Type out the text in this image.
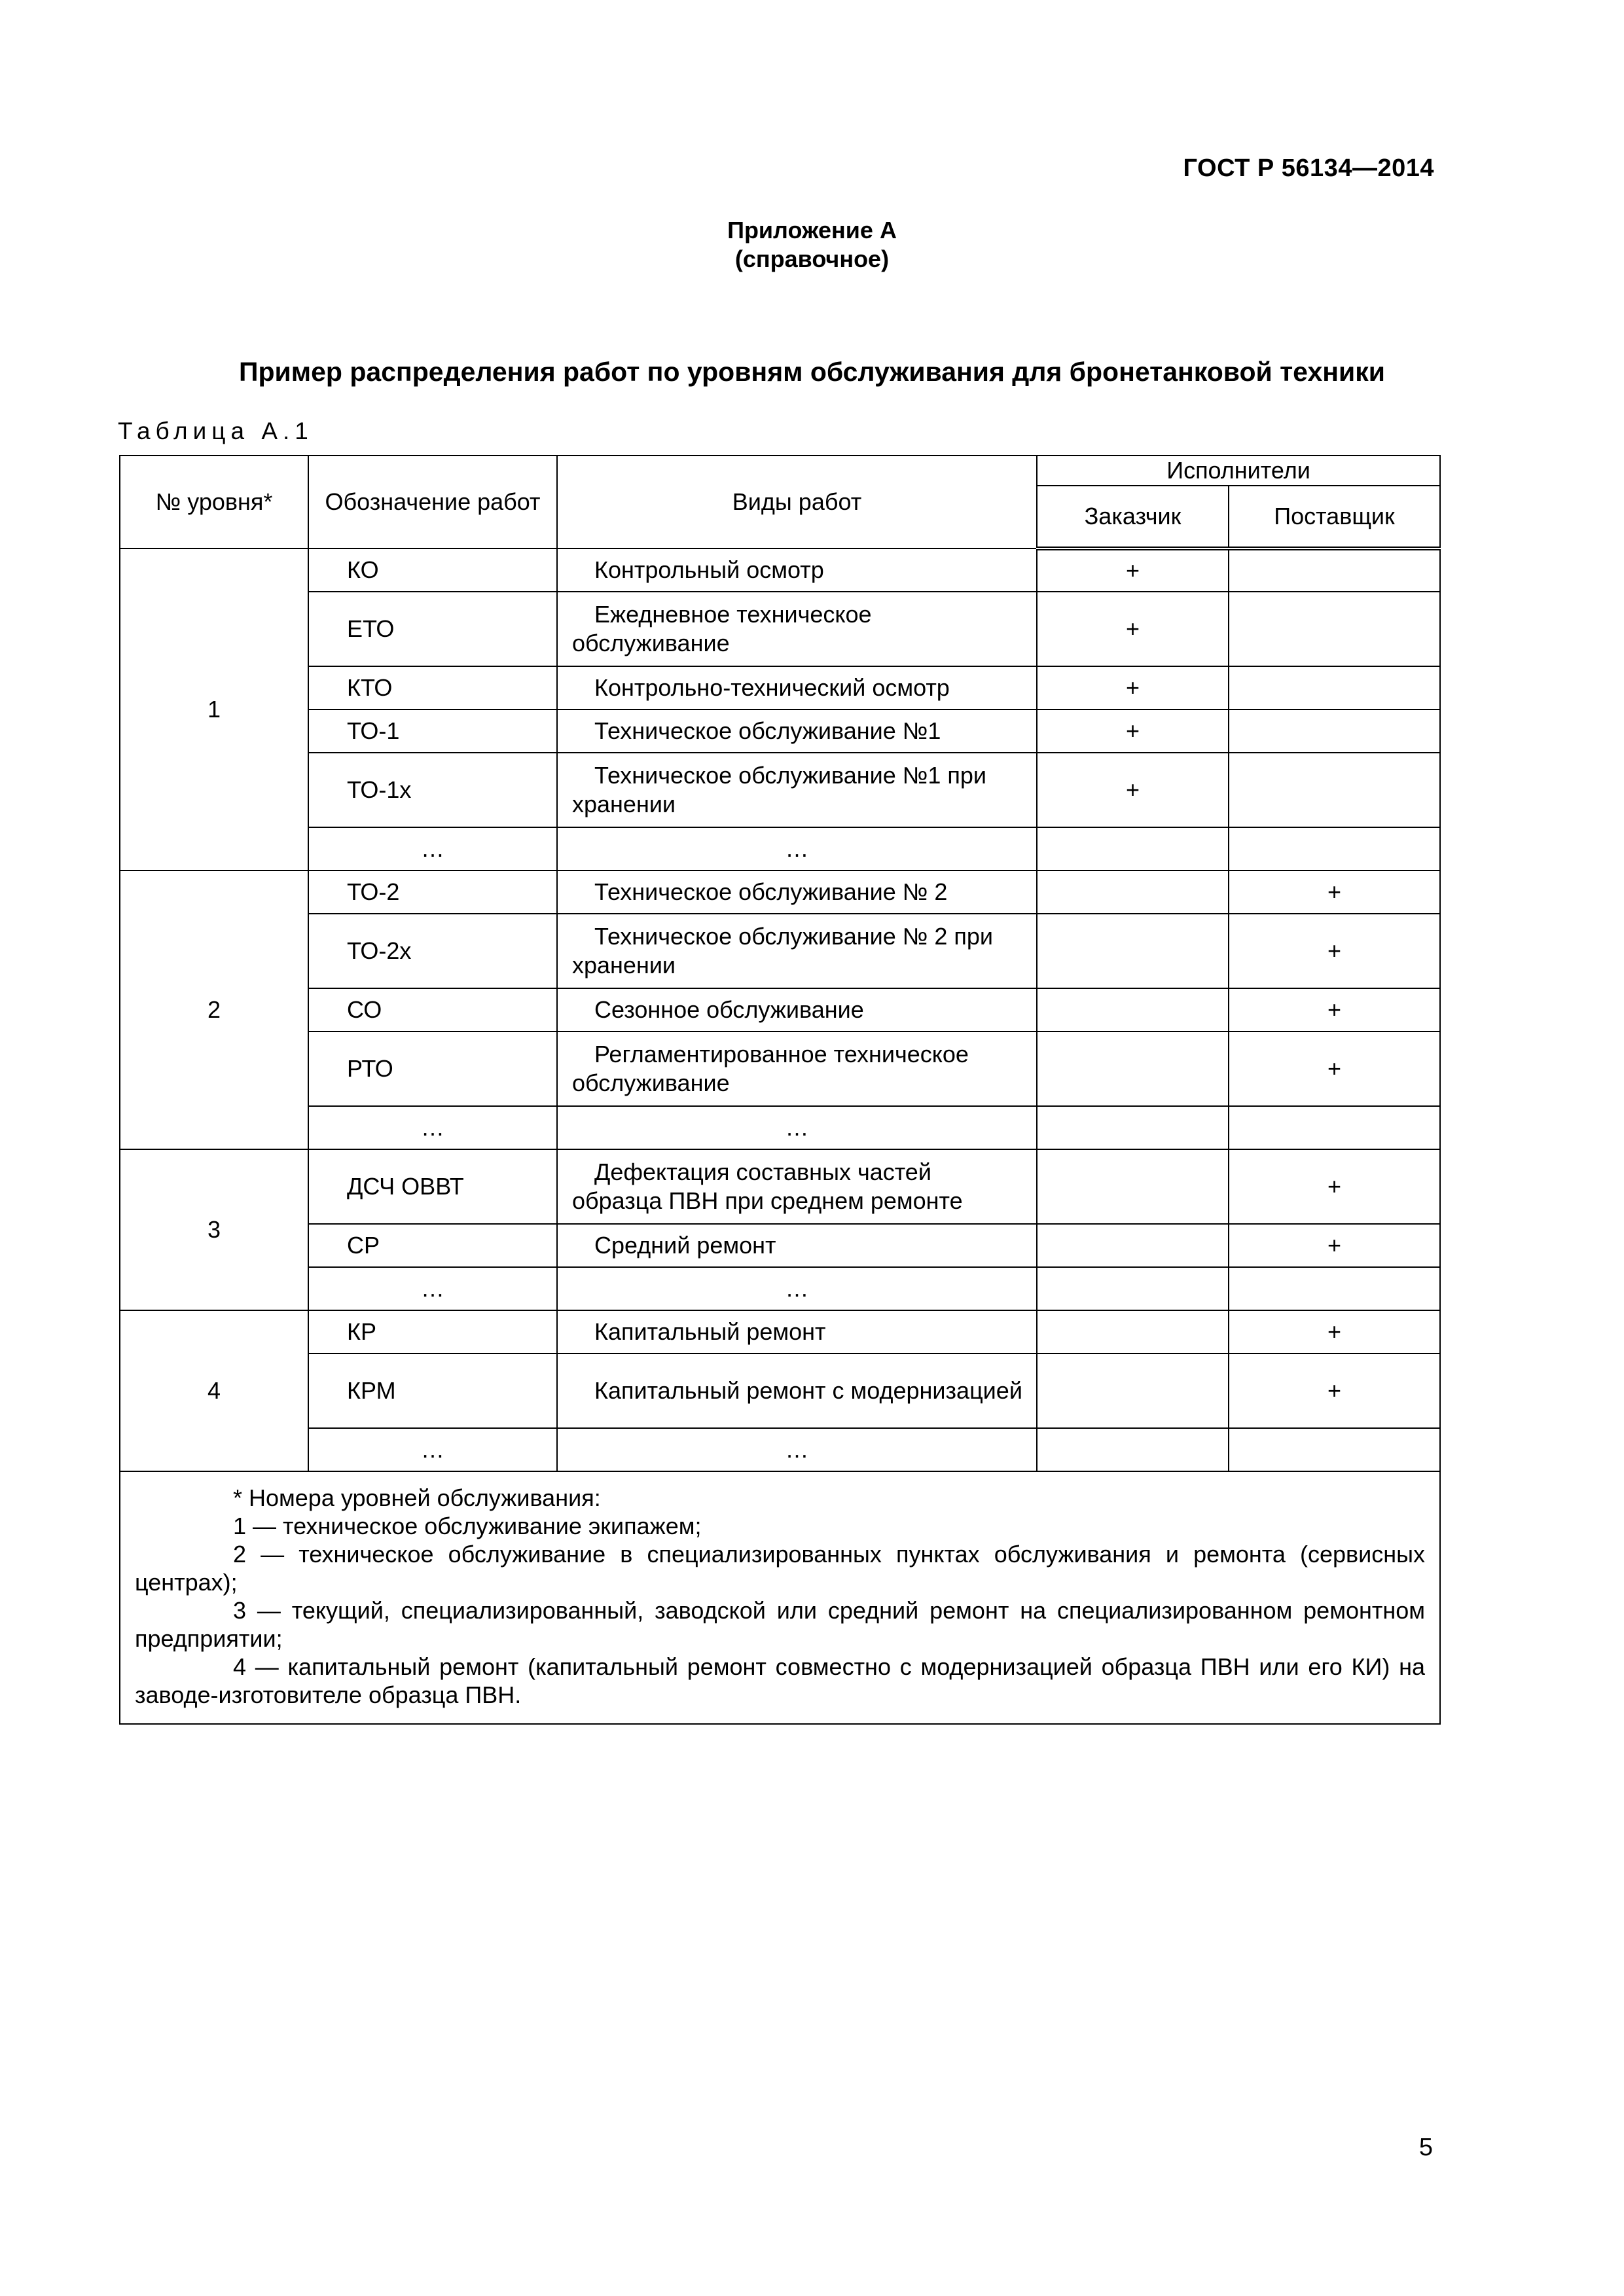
ГОСТ Р 56134—2014
Приложение А
(справочное)
Пример распределения работ по уровням обслуживания для бронетанковой техники
Таблица А.1
№ уровня*	Обозначение работ	Виды работ	Исполнители	
			Заказчик	Поставщик
1	КО	Контрольный осмотр	+	
	ЕТО	Ежедневное техническое обслуживание	+	
	КТО	Контрольно-технический осмотр	+	
	ТО-1	Техническое обслуживание №1	+	
	ТО-1х	Техническое обслуживание №1 при хранении	+	
	…	…		
2	ТО-2	Техническое обслуживание № 2		+
	ТО-2х	Техническое обслуживание № 2 при хранении		+
	СО	Сезонное обслуживание		+
	РТО	Регламентированное техническое обслуживание		+
	…	…		
3	ДСЧ ОВВТ	Дефектация составных частей образца ПВН при среднем ремонте		+
	СР	Средний ремонт		+
	…	…		
4	КР	Капитальный ремонт		+
	КРМ	Капитальный ремонт с модернизацией		+
	…	…		

* Номера уровней обслуживания:
1 — техническое обслуживание экипажем;
2 — техническое обслуживание в специализированных пунктах обслуживания и ремонта (сервисных центрах);
3 — текущий, специализированный, заводской или средний ремонт на специализированном ремонтном предприятии;
4 — капитальный ремонт (капитальный ремонт совместно с модернизацией образца ПВН или его КИ) на заводе-изготовителе образца ПВН.				
5
